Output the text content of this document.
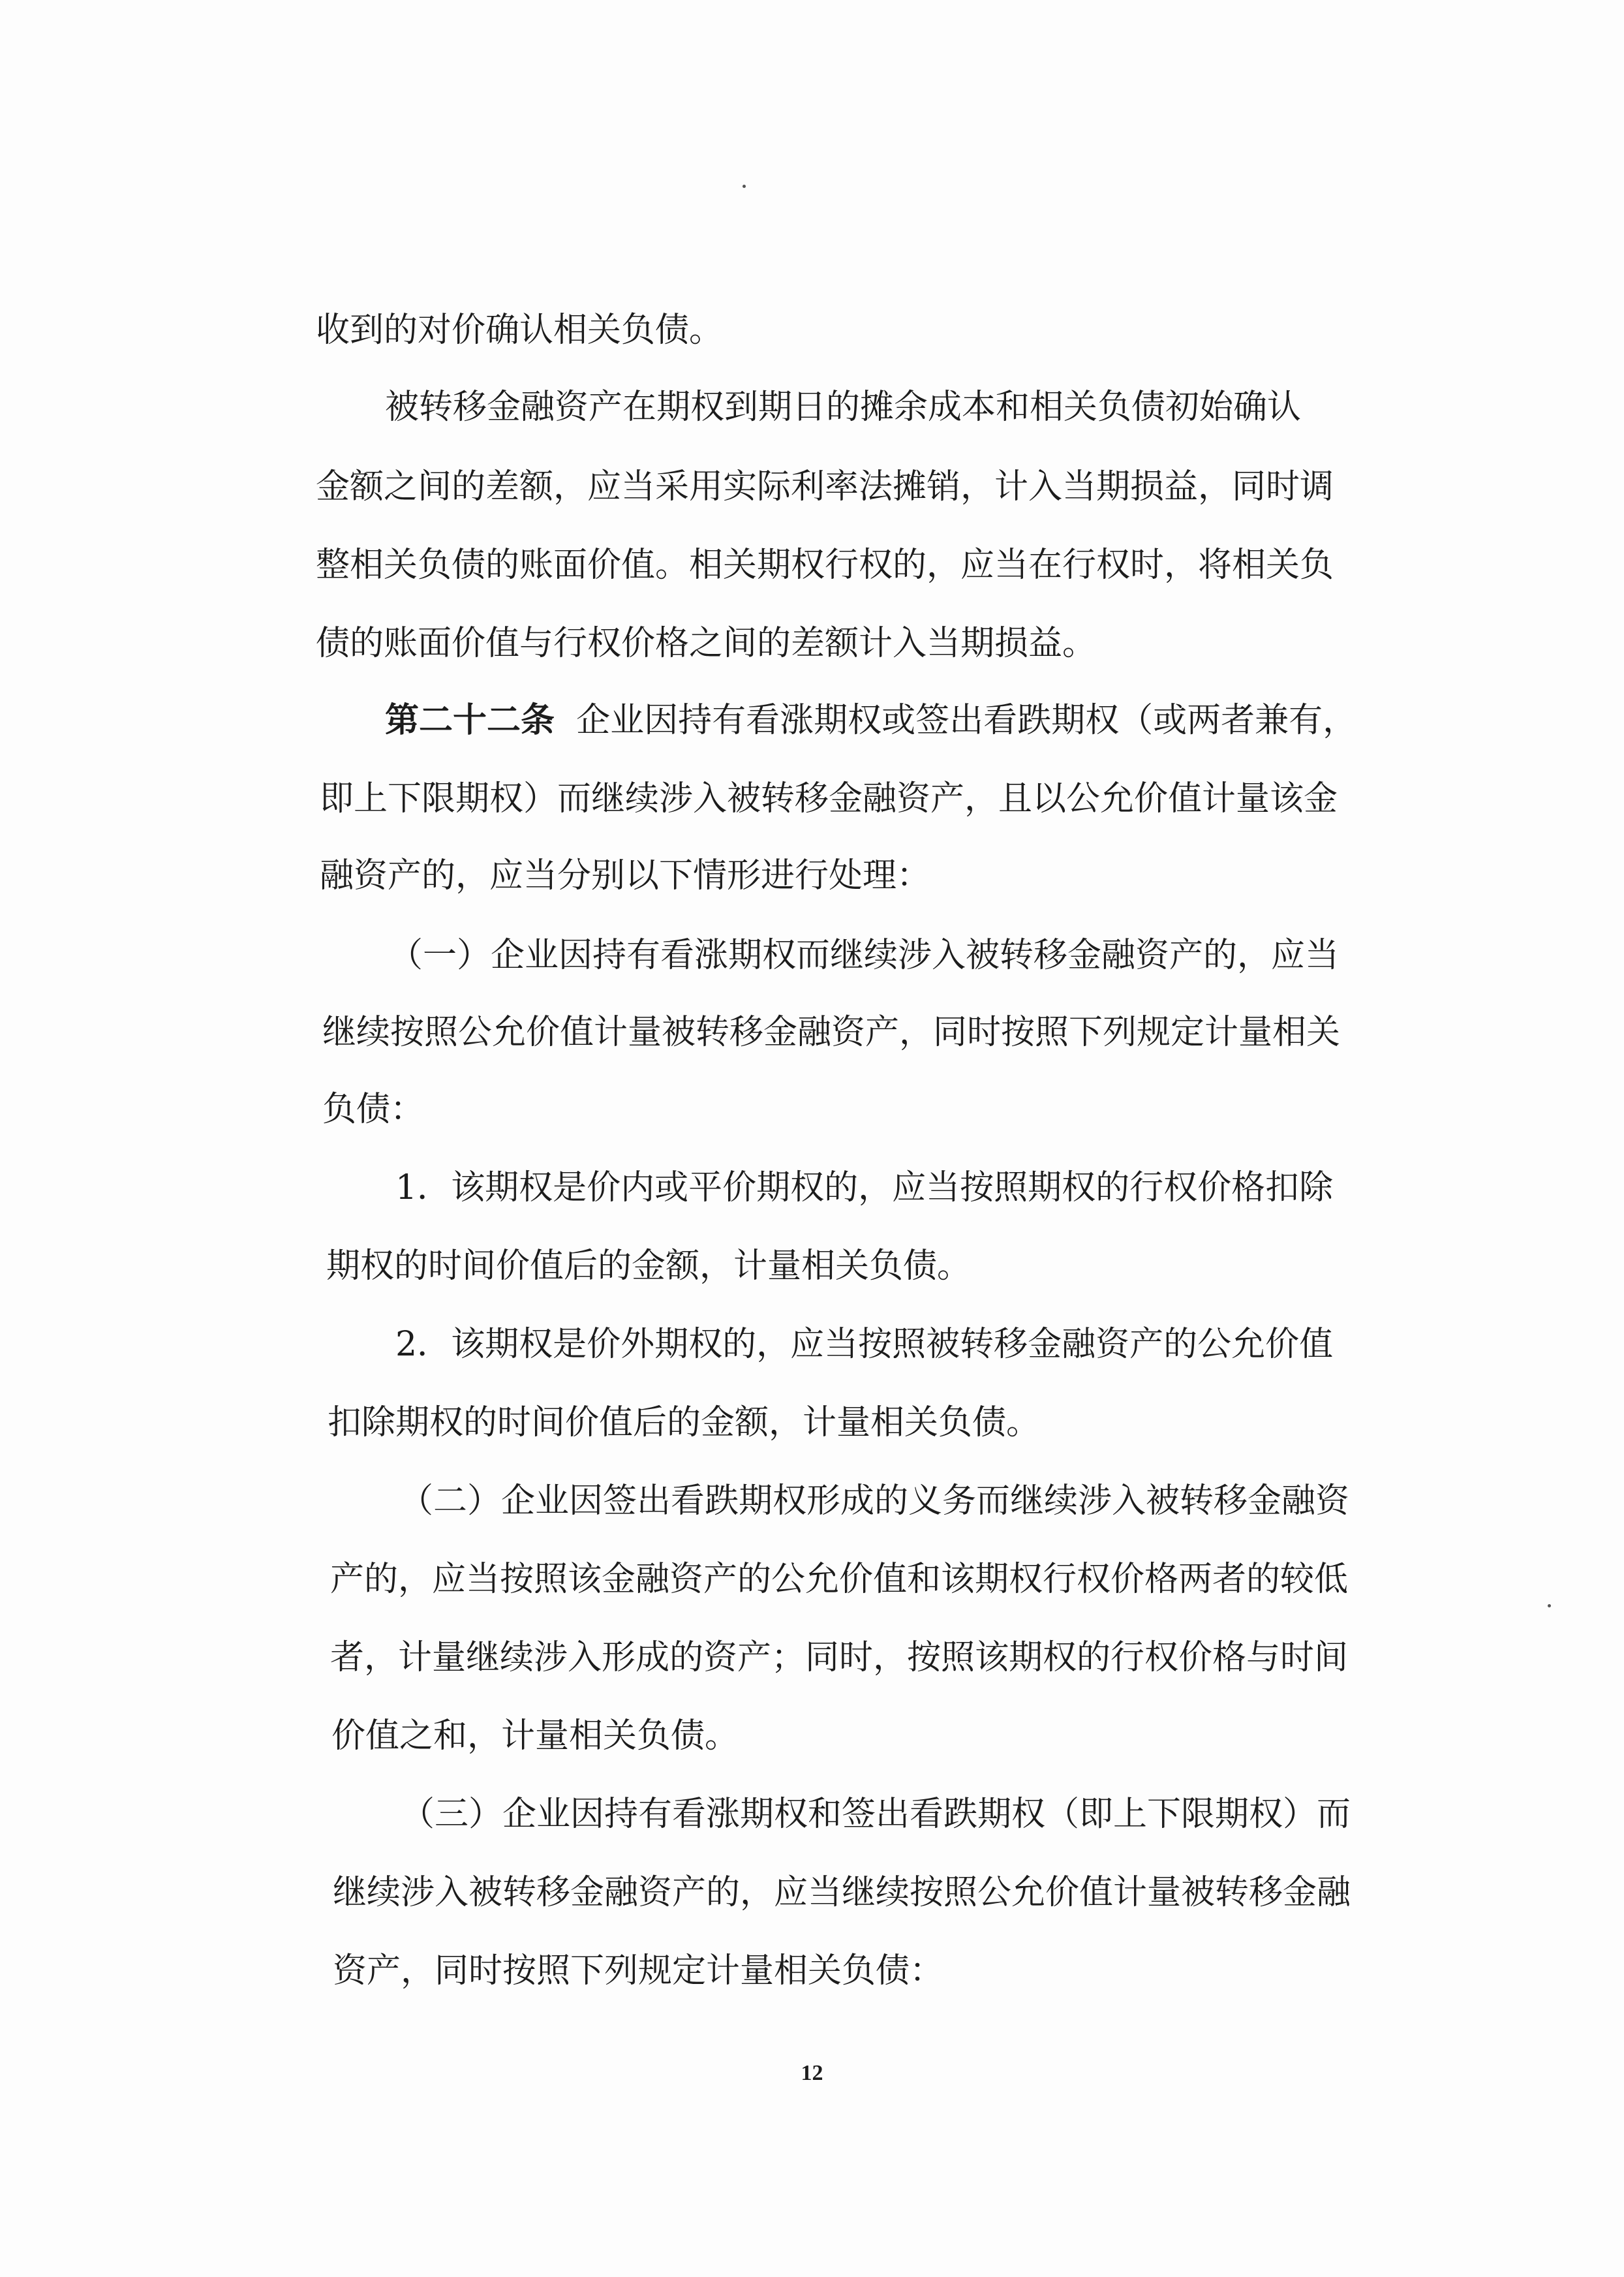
收到的对价确认相关负债。
被转移金融资产在期权到期日的摊余成本和相关负债初始确认
金额之间的差额，应当采用实际利率法摊销，计入当期损益，同时调
整相关负债的账面价值。相关期权行权的，应当在行权时，将相关负
债的账面价值与行权价格之间的差额计入当期损益。
第二十二条 企业因持有看涨期权或签出看跌期权（或两者兼有，
即上下限期权）而继续涉入被转移金融资产，且以公允价值计量该金
融资产的，应当分别以下情形进行处理：
（一）企业因持有看涨期权而继续涉入被转移金融资产的，应当
继续按照公允价值计量被转移金融资产，同时按照下列规定计量相关
负债：
1．该期权是价内或平价期权的，应当按照期权的行权价格扣除
期权的时间价值后的金额，计量相关负债。
2．该期权是价外期权的，应当按照被转移金融资产的公允价值
扣除期权的时间价值后的金额，计量相关负债。
（二）企业因签出看跌期权形成的义务而继续涉入被转移金融资
产的，应当按照该金融资产的公允价值和该期权行权价格两者的较低
者，计量继续涉入形成的资产；同时，按照该期权的行权价格与时间
价值之和，计量相关负债。
（三）企业因持有看涨期权和签出看跌期权（即上下限期权）而
继续涉入被转移金融资产的，应当继续按照公允价值计量被转移金融
资产，同时按照下列规定计量相关负债：
12
